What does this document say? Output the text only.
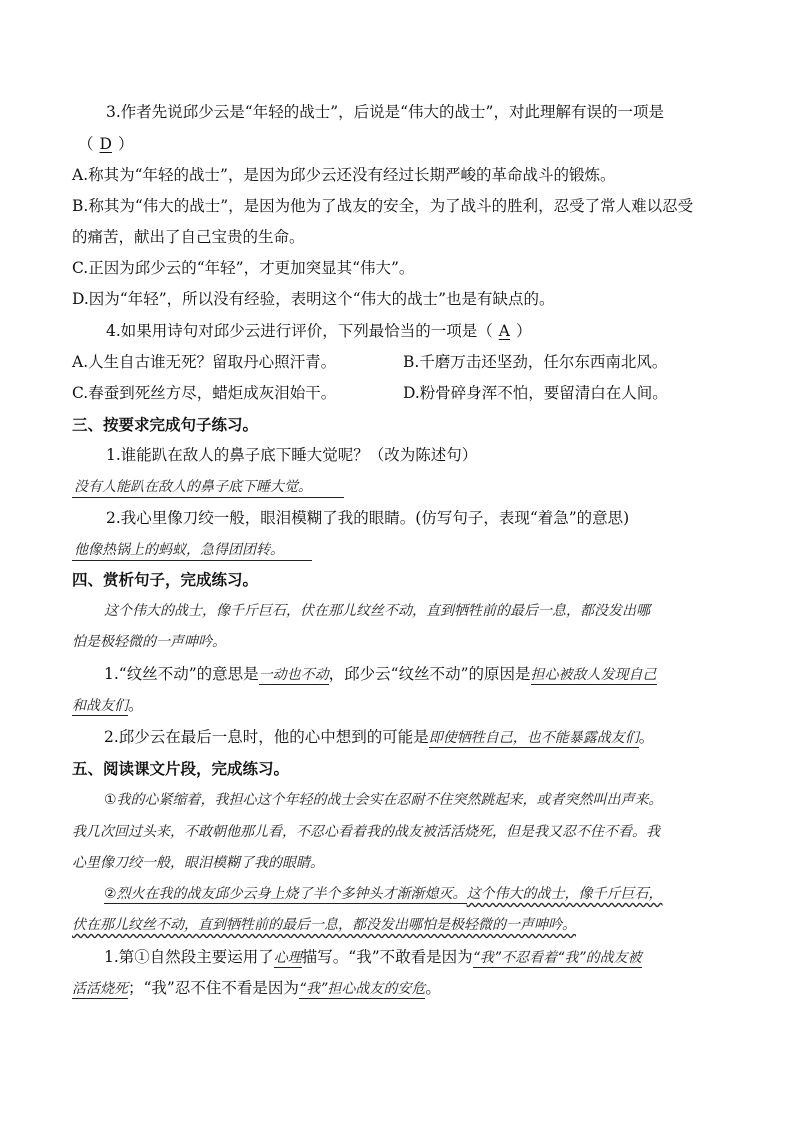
3.作者先说邱少云是“年轻的战士”，后说是“伟大的战士”，对此理解有误的一项是
（ D ）
A.称其为“年轻的战士”，是因为邱少云还没有经过长期严峻的革命战斗的锻炼。
B.称其为“伟大的战士”，是因为他为了战友的安全，为了战斗的胜利，忍受了常人难以忍受
的痛苦，献出了自己宝贵的生命。
C.正因为邱少云的“年轻”，才更加突显其“伟大”。
D.因为“年轻”，所以没有经验，表明这个“伟大的战士”也是有缺点的。
4.如果用诗句对邱少云进行评价，下列最恰当的一项是（ A ）
A.人生自古谁无死？留取丹心照汗青。	B.千磨万击还坚劲，任尔东西南北风。
C.春蚕到死丝方尽，蜡炬成灰泪始干。	D.粉骨碎身浑不怕，要留清白在人间。
三、按要求完成句子练习。
1.谁能趴在敌人的鼻子底下睡大觉呢？（改为陈述句）
没有人能趴在敌人的鼻子底下睡大觉。
2.我心里像刀绞一般，眼泪模糊了我的眼睛。(仿写句子，表现“着急”的意思)
他像热锅上的蚂蚁，急得团团转。
四、赏析句子，完成练习。
这个伟大的战士，像千斤巨石，伏在那儿纹丝不动，直到牺牲前的最后一息，都没发出哪
怕是极轻微的一声呻吟。
1.“纹丝不动”的意思是一动也不动，邱少云“纹丝不动”的原因是担心被敌人发现自己
和战友们。
2.邱少云在最后一息时，他的心中想到的可能是即使牺牲自己，也不能暴露战友们。
五、阅读课文片段，完成练习。
①我的心紧缩着，我担心这个年轻的战士会实在忍耐不住突然跳起来，或者突然叫出声来。
我几次回过头来，不敢朝他那儿看，不忍心看着我的战友被活活烧死，但是我又忍不住不看。我
心里像刀绞一般，眼泪模糊了我的眼睛。
②烈火在我的战友邱少云身上烧了半个多钟头才渐渐熄灭。这个伟大的战士，像千斤巨石，
伏在那儿纹丝不动，直到牺牲前的最后一息，都没发出哪怕是极轻微的一声呻吟。
1.第①自然段主要运用了心理描写。“我”不敢看是因为“我”不忍看着“我”的战友被
活活烧死；“我”忍不住不看是因为“我”担心战友的安危。
